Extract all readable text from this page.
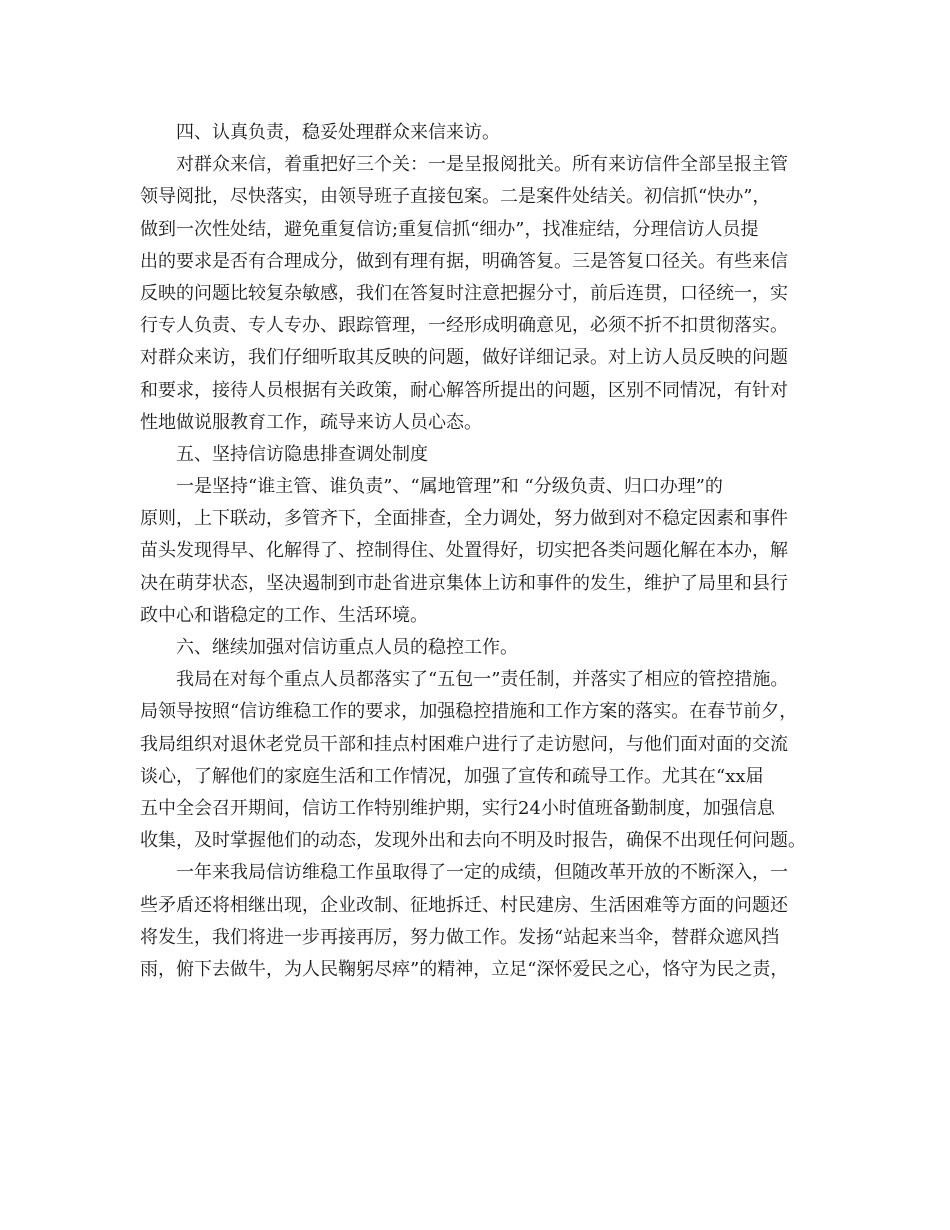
四、认真负责，稳妥处理群众来信来访。
对群众来信，着重把好三个关：一是呈报阅批关。所有来访信件全部呈报主管
领导阅批，尽快落实，由领导班子直接包案。二是案件处结关。初信抓“快办”，
做到一次性处结，避免重复信访;重复信抓“细办”，找准症结，分理信访人员提
出的要求是否有合理成分，做到有理有据，明确答复。三是答复口径关。有些来信
反映的问题比较复杂敏感，我们在答复时注意把握分寸，前后连贯，口径统一，实
行专人负责、专人专办、跟踪管理，一经形成明确意见，必须不折不扣贯彻落实。
对群众来访，我们仔细听取其反映的问题，做好详细记录。对上访人员反映的问题
和要求，接待人员根据有关政策，耐心解答所提出的问题，区别不同情况，有针对
性地做说服教育工作，疏导来访人员心态。
五、坚持信访隐患排查调处制度
一是坚持“谁主管、谁负责”、“属地管理”和 “分级负责、归口办理”的
原则，上下联动，多管齐下，全面排查，全力调处，努力做到对不稳定因素和事件
苗头发现得早、化解得了、控制得住、处置得好，切实把各类问题化解在本办，解
决在萌芽状态，坚决遏制到市赴省进京集体上访和事件的发生，维护了局里和县行
政中心和谐稳定的工作、生活环境。
六、继续加强对信访重点人员的稳控工作。
我局在对每个重点人员都落实了“五包一”责任制，并落实了相应的管控措施。
局领导按照“信访维稳工作的要求，加强稳控措施和工作方案的落实。在春节前夕，
我局组织对退休老党员干部和挂点村困难户进行了走访慰问，与他们面对面的交流
谈心，了解他们的家庭生活和工作情况，加强了宣传和疏导工作。尤其在“xx届
五中全会召开期间，信访工作特别维护期，实行24小时值班备勤制度，加强信息
收集，及时掌握他们的动态，发现外出和去向不明及时报告，确保不出现任何问题。
一年来我局信访维稳工作虽取得了一定的成绩，但随改革开放的不断深入，一
些矛盾还将相继出现，企业改制、征地拆迁、村民建房、生活困难等方面的问题还
将发生，我们将进一步再接再厉，努力做工作。发扬“站起来当伞，替群众遮风挡
雨，俯下去做牛，为人民鞠躬尽瘁”的精神，立足“深怀爱民之心，恪守为民之责，
